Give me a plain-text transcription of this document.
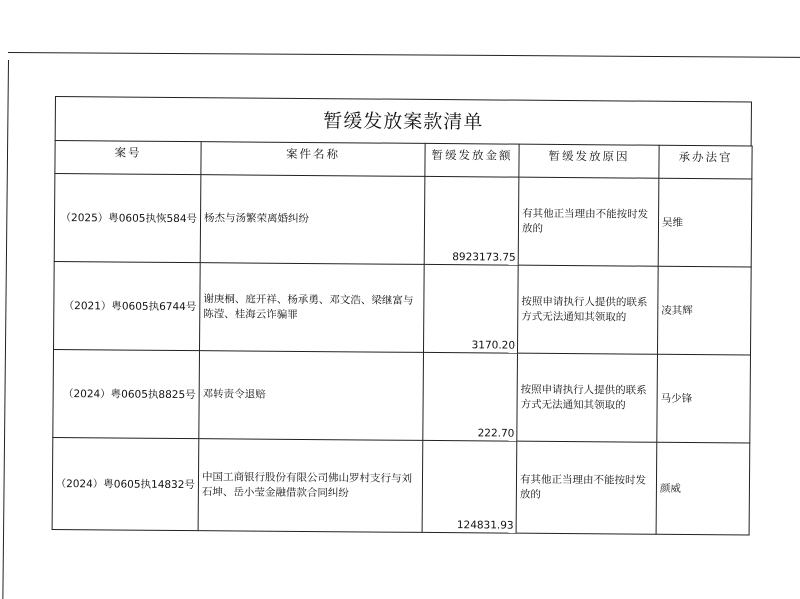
暂缓发放案款清单
案号	案件名称	暂缓发放金额	暂缓发放原因	承办法官
（2025）粤0605执恢584号	杨杰与汤繁荣离婚纠纷	8923173.75	有其他正当理由不能按时发放的	吴维
（2021）粤0605执6744号	谢庚桐、庭开祥、杨承勇、邓文浩、梁继富与陈滢、桂海云诈骗罪	3170.20	按照申请执行人提供的联系方式无法通知其领取的	凌其辉
（2024）粤0605执8825号	邓转责令退赔	222.70	按照申请执行人提供的联系方式无法通知其领取的	马少锋
（2024）粤0605执14832号	中国工商银行股份有限公司佛山罗村支行与刘石坤、岳小莹金融借款合同纠纷	124831.93	有其他正当理由不能按时发放的	颜威
